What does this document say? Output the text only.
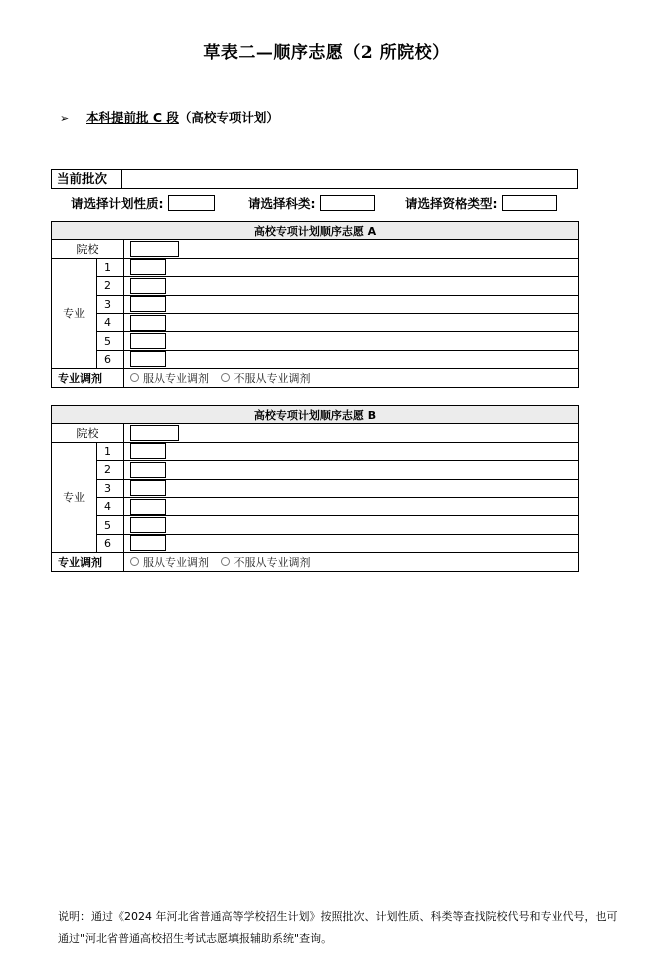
草表二—顺序志愿（2 所院校）
➢ 本科提前批 C 段（高校专项计划）
当前批次
请选择计划性质:	请选择科类:	请选择资格类型:
高校专项计划顺序志愿 A		
院校		
专业	1	
	2	
	3	
	4	
	5	
	6	
专业调剂		服从专业调剂 不服从专业调剂
高校专项计划顺序志愿 B		
院校		
专业	1	
	2	
	3	
	4	
	5	
	6	
专业调剂		服从专业调剂 不服从专业调剂
说明：通过《2024 年河北省普通高等学校招生计划》按照批次、计划性质、科类等查找院校代号和专业代号，也可通过"河北省普通高校招生考试志愿填报辅助系统"查询。
